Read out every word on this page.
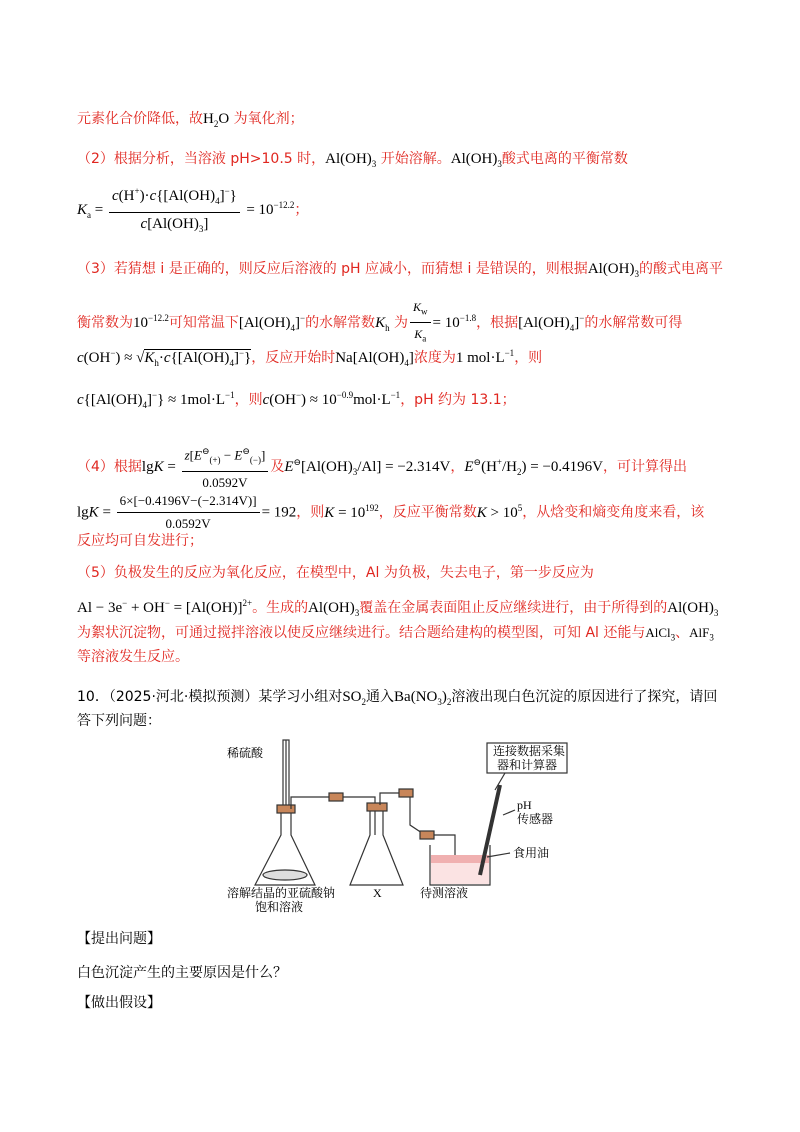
元素化合价降低，故$H_2O$ 为氧化剂；
（2）根据分析，当溶液 pH>10.5 时，$Al(OH)_3$ 开始溶解。$Al(OH)_3$酸式电离的平衡常数
$K_a = \frac{c(H^+)\cdot c\{[Al(OH)_4]^-\}}{c[Al(OH)_3]} = 10^{-12.2}$；
（3）若猜想 i 是正确的，则反应后溶液的 pH 应减小，而猜想 i 是错误的，则根据$Al(OH)_3$的酸式电离平
衡常数为$10^{-12.2}$可知常温下$[Al(OH)_4]^-$的水解常数$K_h$ 为 $\frac{K_w}{K_a} = 10^{-1.8}$，根据$[Al(OH)_4]^-$的水解常数可得
$c(OH^-) \approx √K_h\cdot c\{[Al(OH)_4]^-\}$，反应开始时$Na[Al(OH)_4]$浓度为1 $mol\cdot L^{-1}$，则
$c\{[Al(OH)_4]^-\} \approx 1mol\cdot L^{-1}$，则$c(OH^-) \approx 10^{-0.9}mol\cdot L^{-1}$，pH 约为 13.1；
（4）根据$\lg K = \frac{z[E^⊖_{(+)} - E^⊖_{(-)}]}{0.0592V}$ 及$E^⊖[Al(OH)_3/Al] = -2.314V$，$E^⊖(H^+/H_2) = -0.4196V$，可计算得出
$\lg K = \frac{6\times[-0.4196V-(-2.314V)]}{0.0592V} = 192$，则$K = 10^{192}$，反应平衡常数$K > 10^5$，从焓变和熵变角度来看，该
反应均可自发进行；
（5）负极发生的反应为氧化反应，在模型中，Al 为负极，失去电子，第一步反应为
$Al - 3e^- + OH^- = [Al(OH)]^{2+}$。生成的$Al(OH)_3$覆盖在金属表面阻止反应继续进行，由于所得到的$Al(OH)_3$
为絮状沉淀物，可通过搅拌溶液以使反应继续进行。结合题给建构的模型图，可知 Al 还能与AlCl$_3$、AlF$_3$
等溶液发生反应。
10．（2025·河北·模拟预测）某学习小组对$SO_2$通入$Ba(NO_3)_2$溶液出现白色沉淀的原因进行了探究，请回
答下列问题：
稀硫酸	连接数据采集
器和计算器
pH
传感器
食用油
溶解结晶的亚硫酸钠
饱和溶液
X	待测溶液
【提出问题】
白色沉淀产生的主要原因是什么？
【做出假设】
